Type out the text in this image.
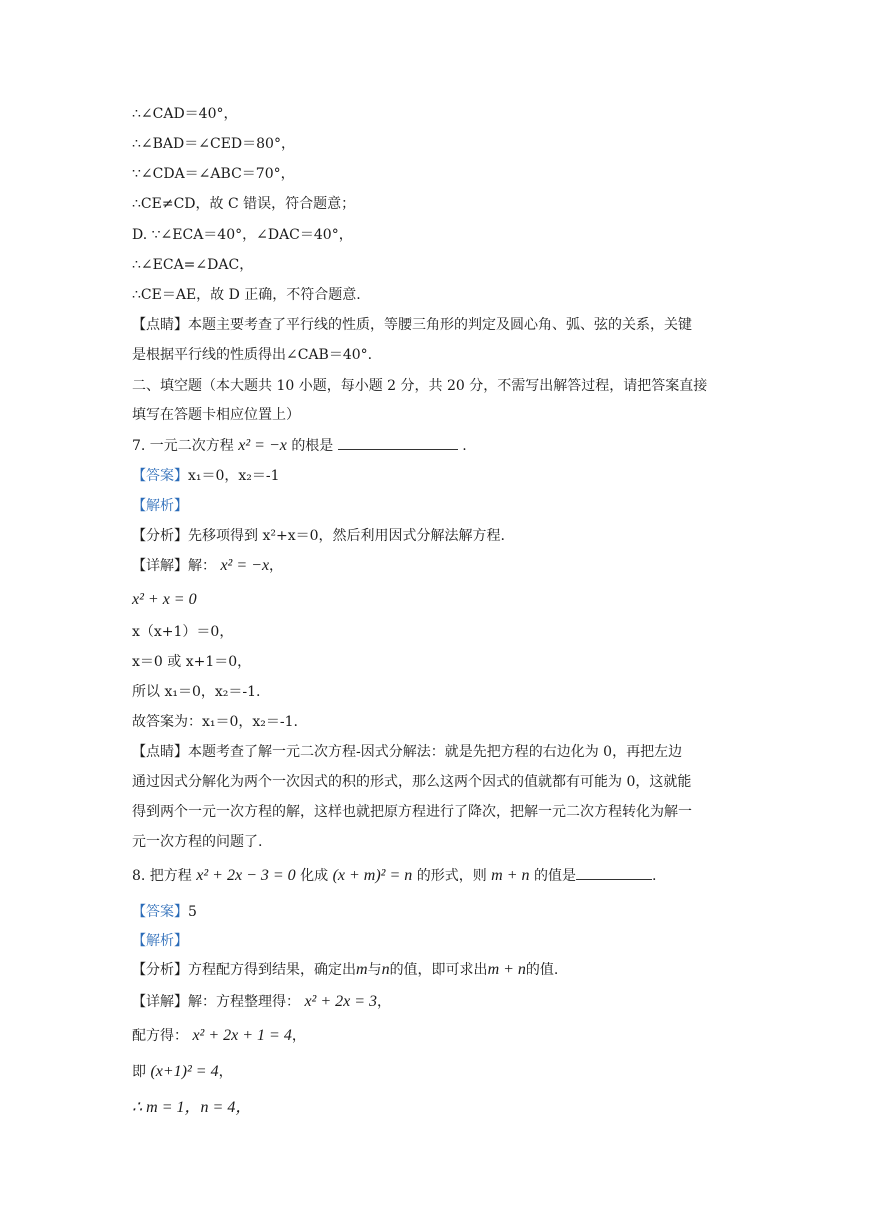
∴∠CAD＝40°，
∴∠BAD＝∠CED＝80°，
∵∠CDA＝∠ABC＝70°，
∴CE≠CD，故 C 错误，符合题意；
D. ∵∠ECA＝40°，∠DAC＝40°，
∴∠ECA=∠DAC，
∴CE＝AE，故 D 正确，不符合题意.
【点睛】本题主要考查了平行线的性质，等腰三角形的判定及圆心角、弧、弦的关系，关键
是根据平行线的性质得出∠CAB＝40°.
二、填空题（本大题共 10 小题，每小题 2 分，共 20 分，不需写出解答过程，请把答案直接
填写在答题卡相应位置上）
7. 一元二次方程 x² = −x 的根是	.
【答案】x₁＝0，x₂＝-1
【解析】
【分析】先移项得到 x²+x＝0，然后利用因式分解法解方程.
【详解】解： x² = −x，
x² + x = 0
x（x+1）＝0，
x＝0 或 x+1＝0，
所以 x₁＝0，x₂＝-1.
故答案为：x₁＝0，x₂＝-1.
【点睛】本题考查了解一元二次方程-因式分解法：就是先把方程的右边化为 0，再把左边
通过因式分解化为两个一次因式的积的形式，那么这两个因式的值就都有可能为 0，这就能
得到两个一元一次方程的解，这样也就把原方程进行了降次，把解一元二次方程转化为解一
元一次方程的问题了.
8. 把方程 x² + 2x − 3 = 0 化成 (x + m)² = n 的形式，则 m + n 的值是	.
【答案】5
【解析】
【分析】方程配方得到结果，确定出m与n的值，即可求出m + n的值.
【详解】解：方程整理得： x² + 2x = 3，
配方得： x² + 2x + 1 = 4，
即 (x+1)² = 4，
∴ m = 1，n = 4，
